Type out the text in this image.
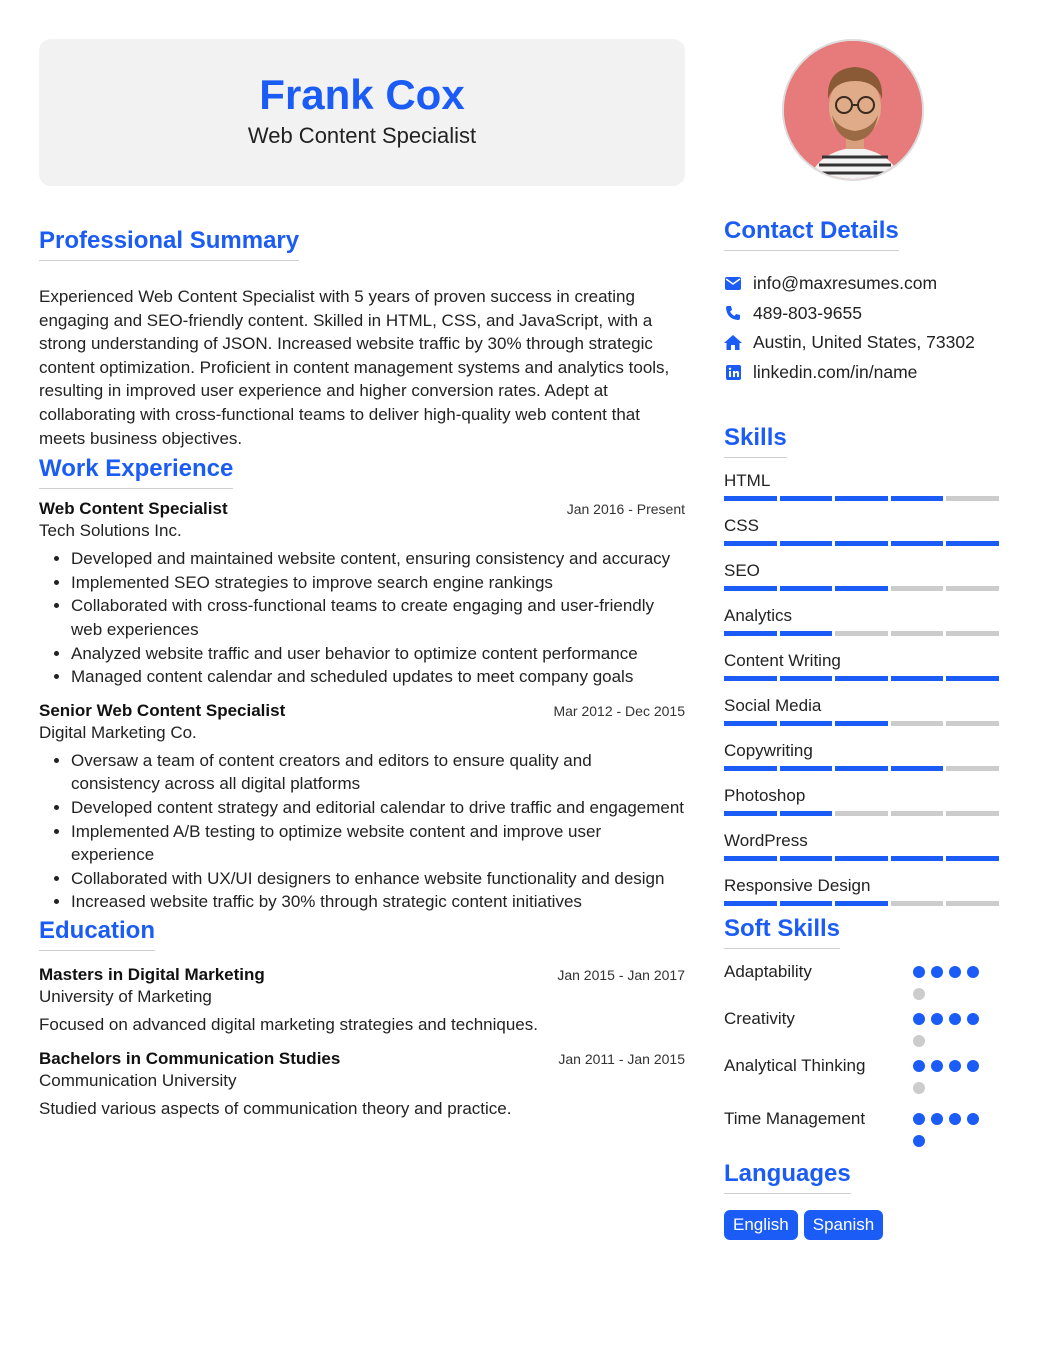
Frank Cox
Web Content Specialist
Professional Summary

Experienced Web Content Specialist with 5 years of proven success in creating engaging and SEO-friendly content. Skilled in HTML, CSS, and JavaScript, with a strong understanding of JSON. Increased website traffic by 30% through strategic content optimization. Proficient in content management systems and analytics tools, resulting in improved user experience and higher conversion rates. Adept at collaborating with cross-functional teams to deliver high-quality web content that meets business objectives.

Work Experience
Web Content Specialist	Jan 2016 - Present
Tech Solutions Inc.
• Developed and maintained website content, ensuring consistency and accuracy
• Implemented SEO strategies to improve search engine rankings
• Collaborated with cross-functional teams to create engaging and user-friendly web experiences
• Analyzed website traffic and user behavior to optimize content performance
• Managed content calendar and scheduled updates to meet company goals
Senior Web Content Specialist	Mar 2012 - Dec 2015
Digital Marketing Co.
• Oversaw a team of content creators and editors to ensure quality and consistency across all digital platforms
• Developed content strategy and editorial calendar to drive traffic and engagement
• Implemented A/B testing to optimize website content and improve user experience
• Collaborated with UX/UI designers to enhance website functionality and design
• Increased website traffic by 30% through strategic content initiatives
Education
Masters in Digital Marketing	Jan 2015 - Jan 2017
University of Marketing
Focused on advanced digital marketing strategies and techniques.
Bachelors in Communication Studies	Jan 2011 - Jan 2015
Communication University
Studied various aspects of communication theory and practice.
Contact Details
info@maxresumes.com
489-803-9655
Austin, United States, 73302
linkedin.com/in/name
Skills
HTML
CSS
SEO
Analytics
Content Writing
Social Media
Copywriting
Photoshop
WordPress
Responsive Design
Soft Skills
Adaptability
Creativity
Analytical Thinking
Time Management
Languages
English	Spanish
